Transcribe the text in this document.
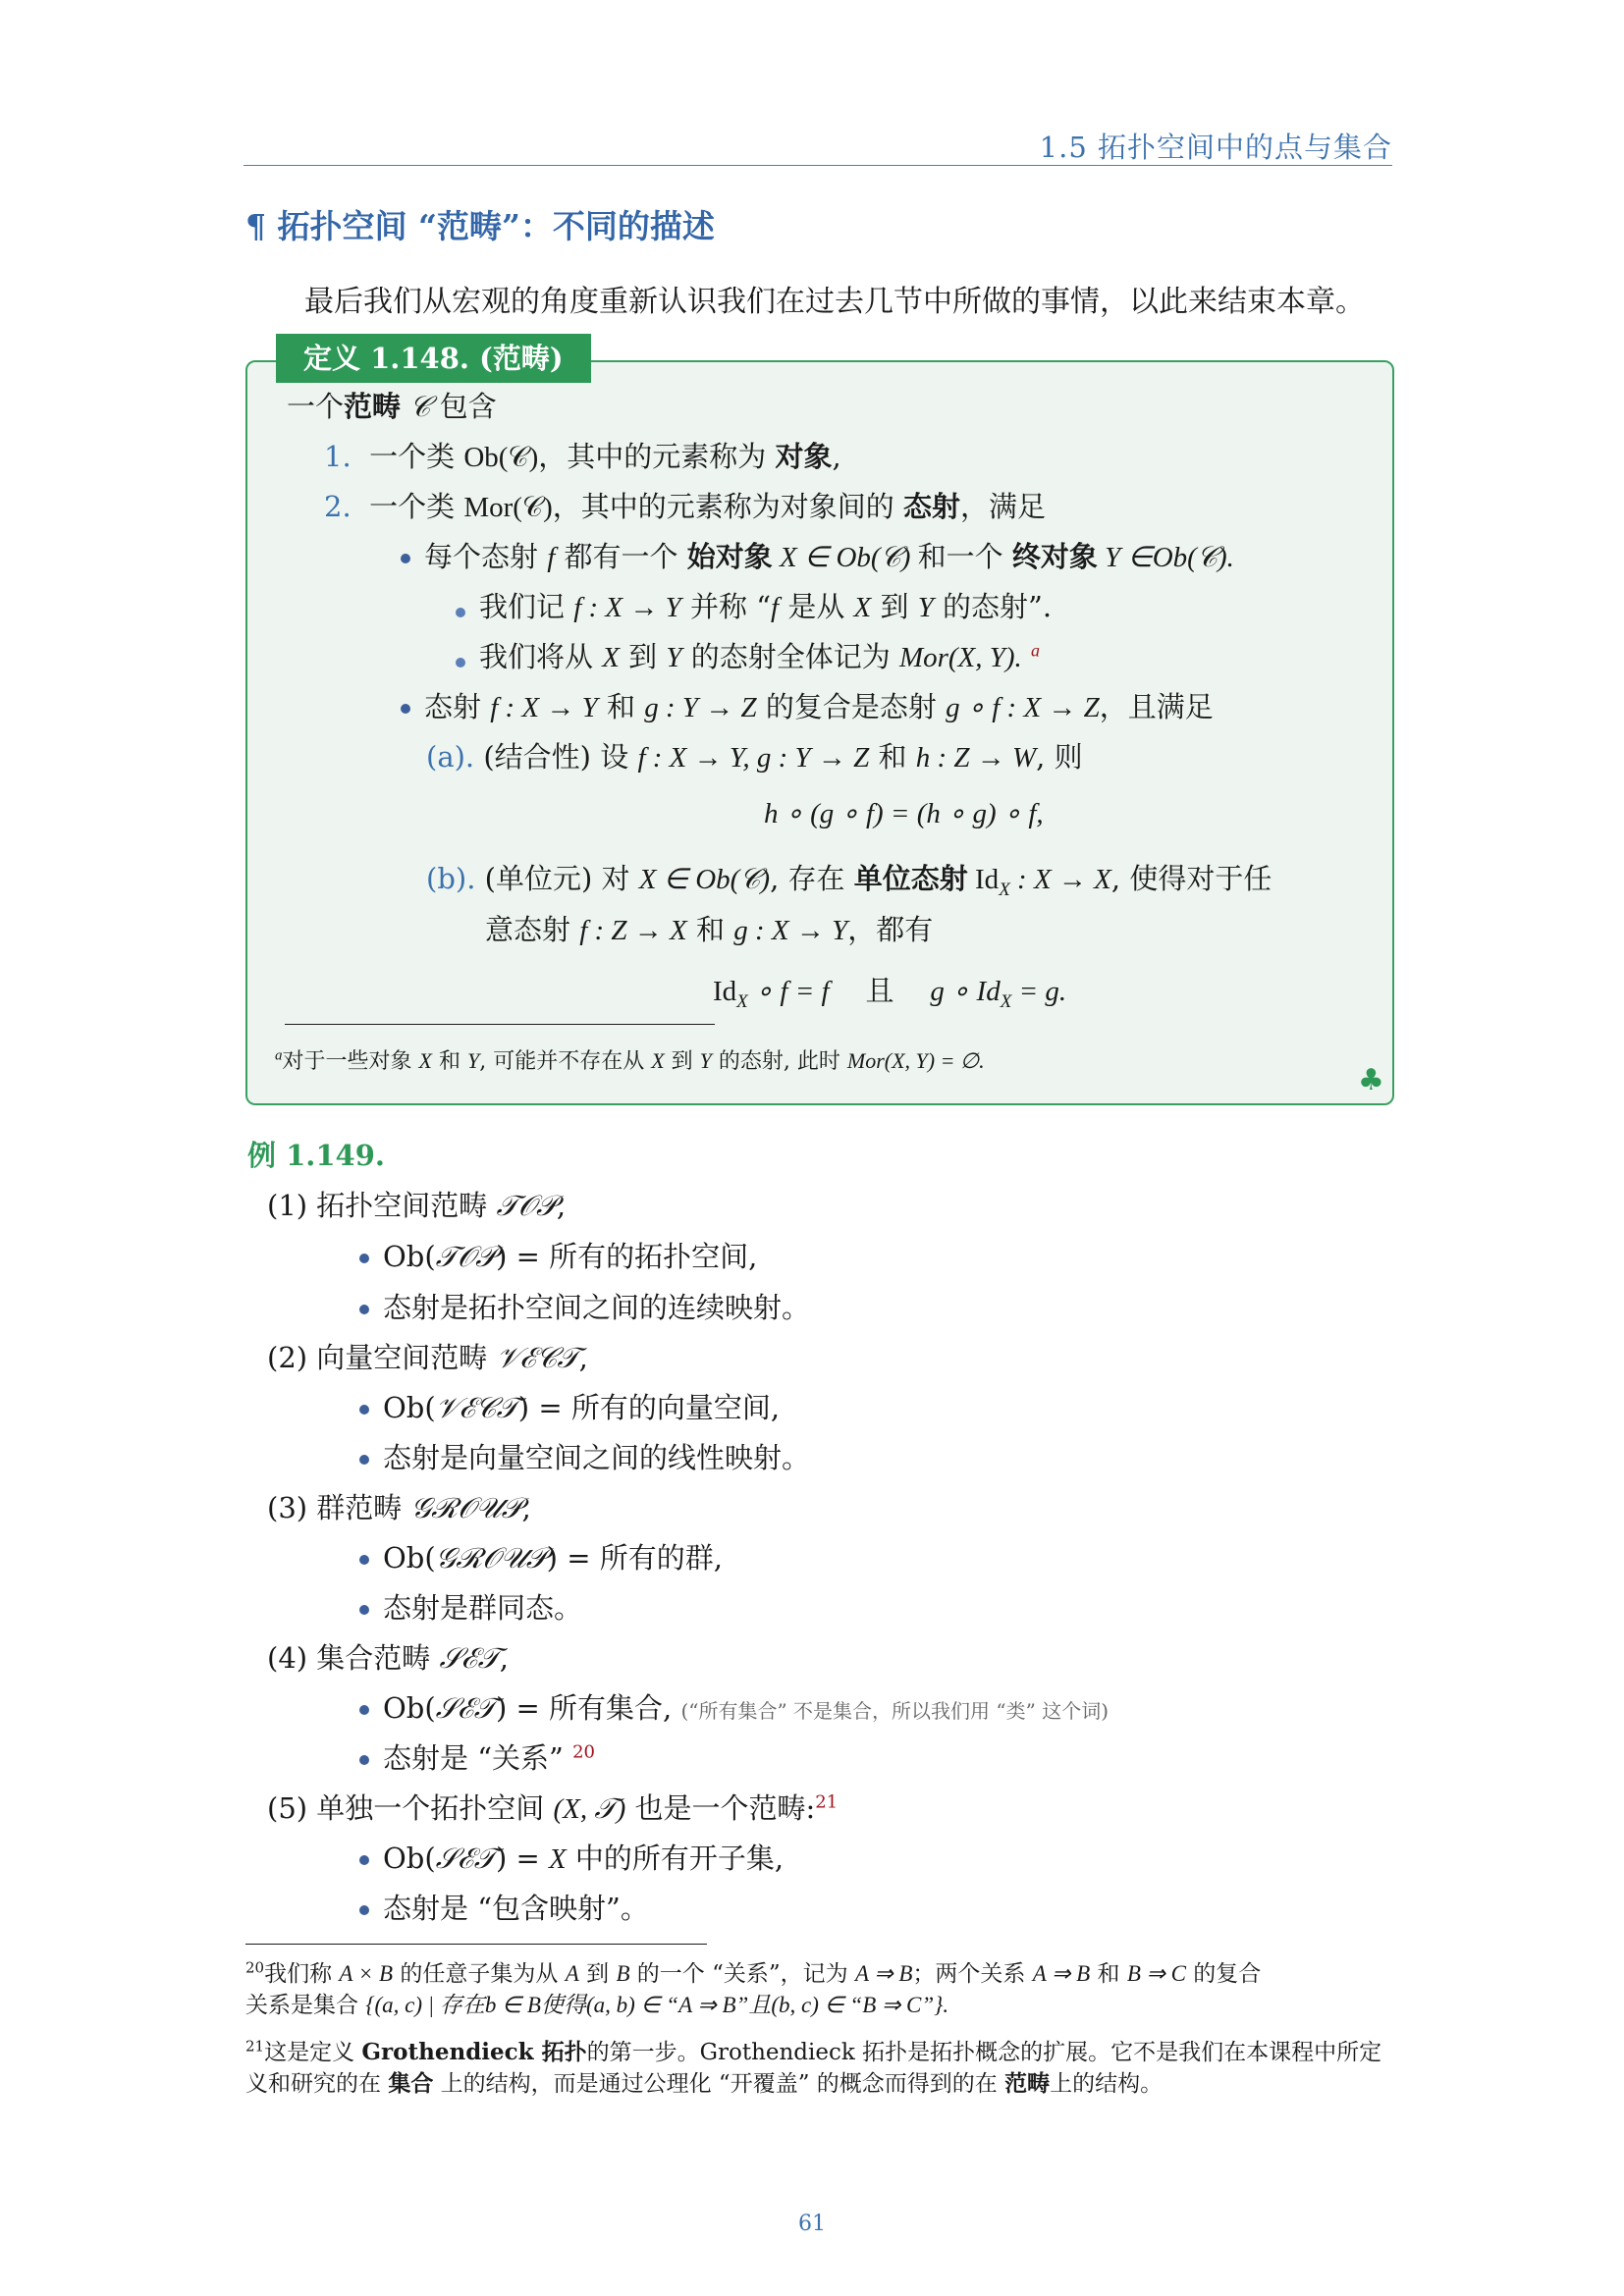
1.5 拓扑空间中的点与集合
¶ 拓扑空间 “范畴”：不同的描述
最后我们从宏观的角度重新认识我们在过去几节中所做的事情，以此来结束本章。
定义 1.148. (范畴)
一个范畴 𝒞 包含
1. 一个类 Ob(𝒞)，其中的元素称为 对象,
2. 一个类 Mor(𝒞)，其中的元素称为对象间的 态射，满足
每个态射 f 都有一个 始对象 X ∈ Ob(𝒞) 和一个 终对象 Y ∈Ob(𝒞).
我们记 f : X → Y 并称 “f 是从 X 到 Y 的态射”.
我们将从 X 到 Y 的态射全体记为 Mor(X, Y). $^a$
态射 f : X → Y 和 g : Y → Z 的复合是态射 g ∘ f : X → Z，且满足
(a). (结合性) 设 f : X → Y, g : Y → Z 和 h : Z → W, 则
h ∘ (g ∘ f) = (h ∘ g) ∘ f,
(b). (单位元) 对 X ∈ Ob(𝒞), 存在 单位态射 $Id_X$ : X → X, 使得对于任
意态射 f : Z → X 和 g : X → Y，都有
$Id_X$ ∘ f = f 且 g ∘ $Id_X = g$.
$^a$对于一些对象 X 和 Y, 可能并不存在从 X 到 Y 的态射, 此时 Mor(X, Y) = ∅.
♣
例 1.149.
(1) 拓扑空间范畴 𝒯𝒪𝒫,
Ob(𝒯𝒪𝒫) = 所有的拓扑空间,
态射是拓扑空间之间的连续映射。
(2) 向量空间范畴 𝒱ℰ𝒞𝒯,
Ob(𝒱ℰ𝒞𝒯) = 所有的向量空间,
态射是向量空间之间的线性映射。
(3) 群范畴 𝒢ℛ𝒪𝒰𝒫,
Ob(𝒢ℛ𝒪𝒰𝒫) = 所有的群,
态射是群同态。
(4) 集合范畴 𝒮ℰ𝒯,
Ob(𝒮ℰ𝒯) = 所有集合, (“所有集合” 不是集合，所以我们用 “类” 这个词)
态射是 “关系” $^{20}$
(5) 单独一个拓扑空间 (X, 𝒯) 也是一个范畴:$^{21}$
Ob(𝒮ℰ𝒯) = X 中的所有开子集,
态射是 “包含映射”。
$^{20}$我们称 A × B 的任意子集为从 A 到 B 的一个 “关系”，记为 A ⇒ B；两个关系 A ⇒ B 和 B ⇒ C 的复合
关系是集合 {(a, c) | 存在b ∈ B使得(a, b) ∈ “A ⇒ B”且(b, c) ∈ “B ⇒ C”}.
$^{21}$这是定义 Grothendieck 拓扑的第一步。Grothendieck 拓扑是拓扑概念的扩展。它不是我们在本课程中所定
义和研究的在 集合 上的结构，而是通过公理化 “开覆盖” 的概念而得到的在 范畴上的结构。
61
